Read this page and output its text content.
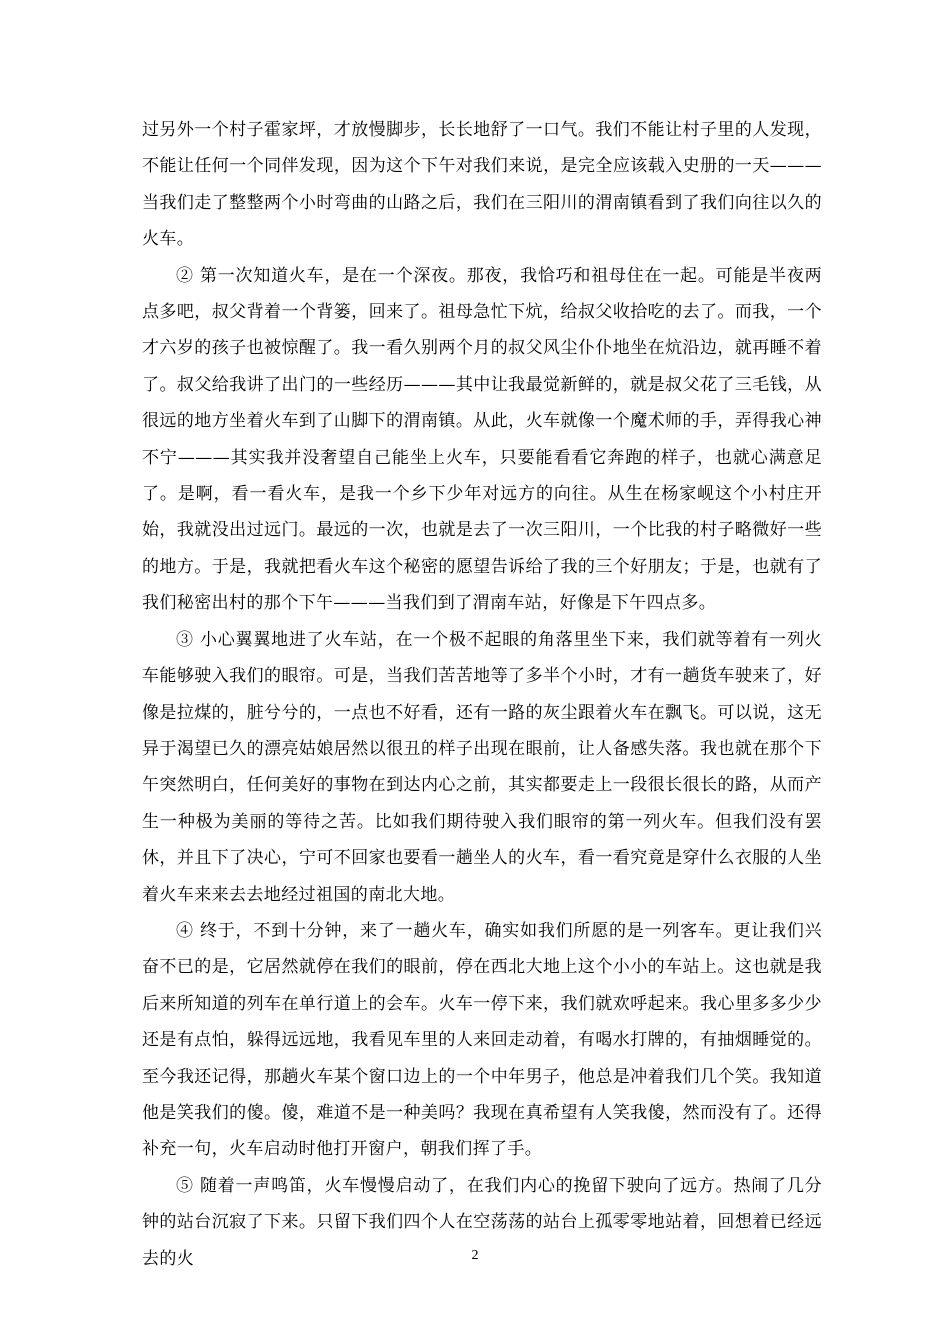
过另外一个村子霍家坪，才放慢脚步，长长地舒了一口气。我们不能让村子里的人发现，不能让任何一个同伴发现，因为这个下午对我们来说，是完全应该载入史册的一天———当我们走了整整两个小时弯曲的山路之后，我们在三阳川的渭南镇看到了我们向往以久的火车。

② 第一次知道火车，是在一个深夜。那夜，我恰巧和祖母住在一起。可能是半夜两点多吧，叔父背着一个背篓，回来了。祖母急忙下炕，给叔父收拾吃的去了。而我，一个才六岁的孩子也被惊醒了。我一看久别两个月的叔父风尘仆仆地坐在炕沿边，就再睡不着了。叔父给我讲了出门的一些经历———其中让我最觉新鲜的，就是叔父花了三毛钱，从很远的地方坐着火车到了山脚下的渭南镇。从此，火车就像一个魔术师的手，弄得我心神不宁———其实我并没奢望自己能坐上火车，只要能看看它奔跑的样子，也就心满意足了。是啊，看一看火车，是我一个乡下少年对远方的向往。从生在杨家岘这个小村庄开始，我就没出过远门。最远的一次，也就是去了一次三阳川，一个比我的村子略微好一些的地方。于是，我就把看火车这个秘密的愿望告诉给了我的三个好朋友；于是，也就有了我们秘密出村的那个下午———当我们到了渭南车站，好像是下午四点多。

③ 小心翼翼地进了火车站，在一个极不起眼的角落里坐下来，我们就等着有一列火车能够驶入我们的眼帘。可是，当我们苦苦地等了多半个小时，才有一趟货车驶来了，好像是拉煤的，脏兮兮的，一点也不好看，还有一路的灰尘跟着火车在飘飞。可以说，这无异于渴望已久的漂亮姑娘居然以很丑的样子出现在眼前，让人备感失落。我也就在那个下午突然明白，任何美好的事物在到达内心之前，其实都要走上一段很长很长的路，从而产生一种极为美丽的等待之苦。比如我们期待驶入我们眼帘的第一列火车。但我们没有罢休，并且下了决心，宁可不回家也要看一趟坐人的火车，看一看究竟是穿什么衣服的人坐着火车来来去去地经过祖国的南北大地。

④ 终于，不到十分钟，来了一趟火车，确实如我们所愿的是一列客车。更让我们兴奋不已的是，它居然就停在我们的眼前，停在西北大地上这个小小的车站上。这也就是我后来所知道的列车在单行道上的会车。火车一停下来，我们就欢呼起来。我心里多多少少还是有点怕，躲得远远地，我看见车里的人来回走动着，有喝水打牌的，有抽烟睡觉的。至今我还记得，那趟火车某个窗口边上的一个中年男子，他总是冲着我们几个笑。我知道他是笑我们的傻。傻，难道不是一种美吗？我现在真希望有人笑我傻，然而没有了。还得补充一句，火车启动时他打开窗户，朝我们挥了手。

⑤ 随着一声鸣笛，火车慢慢启动了，在我们内心的挽留下驶向了远方。热闹了几分钟的站台沉寂了下来。只留下我们四个人在空荡荡的站台上孤零零地站着，回想着已经远去的火	2
